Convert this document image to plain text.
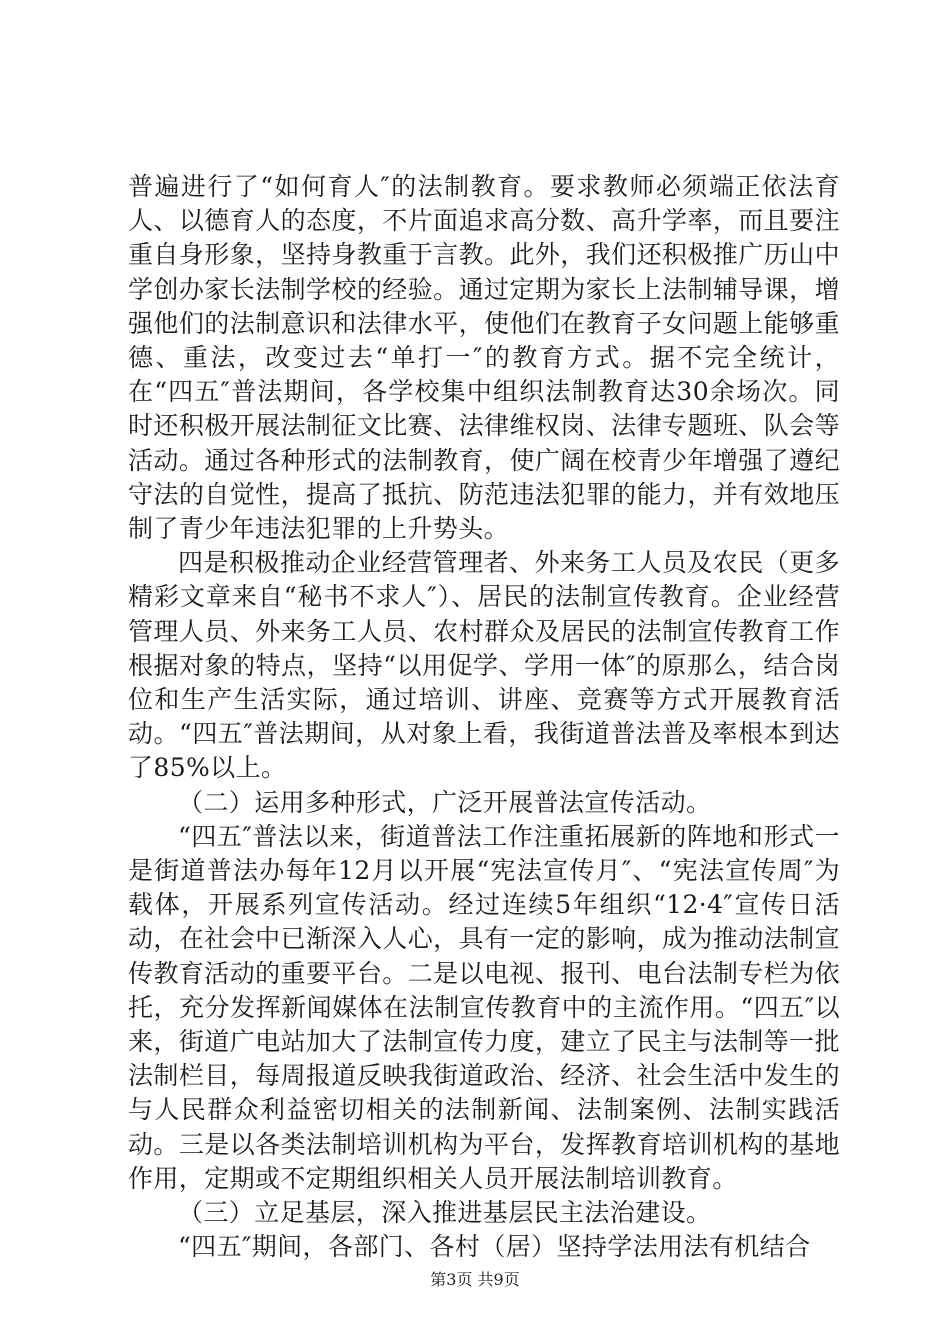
普遍进行了“如何育人″的法制教育。要求教师必须端正依法育人、以德育人的态度，不片面追求高分数、高升学率，而且要注重自身形象，坚持身教重于言教。此外，我们还积极推广历山中学创办家长法制学校的经验。通过定期为家长上法制辅导课，增强他们的法制意识和法律水平，使他们在教育子女问题上能够重德、重法，改变过去“单打一″的教育方式。据不完全统计，在“四五″普法期间，各学校集中组织法制教育达30余场次。同时还积极开展法制征文比赛、法律维权岗、法律专题班、队会等活动。通过各种形式的法制教育，使广阔在校青少年增强了遵纪守法的自觉性，提高了抵抗、防范违法犯罪的能力，并有效地压制了青少年违法犯罪的上升势头。

四是积极推动企业经营管理者、外来务工人员及农民（更多精彩文章来自“秘书不求人″）、居民的法制宣传教育。企业经营管理人员、外来务工人员、农村群众及居民的法制宣传教育工作根据对象的特点，坚持“以用促学、学用一体″的原那么，结合岗位和生产生活实际，通过培训、讲座、竞赛等方式开展教育活动。“四五″普法期间，从对象上看，我街道普法普及率根本到达了85%以上。

（二）运用多种形式，广泛开展普法宣传活动。

“四五″普法以来，街道普法工作注重拓展新的阵地和形式一是街道普法办每年12月以开展“宪法宣传月″、“宪法宣传周″为载体，开展系列宣传活动。经过连续5年组织“12·4″宣传日活动，在社会中已渐深入人心，具有一定的影响，成为推动法制宣传教育活动的重要平台。二是以电视、报刊、电台法制专栏为依托，充分发挥新闻媒体在法制宣传教育中的主流作用。“四五″以来，街道广电站加大了法制宣传力度，建立了民主与法制等一批法制栏目，每周报道反映我街道政治、经济、社会生活中发生的与人民群众利益密切相关的法制新闻、法制案例、法制实践活动。三是以各类法制培训机构为平台，发挥教育培训机构的基地作用，定期或不定期组织相关人员开展法制培训教育。

（三）立足基层，深入推进基层民主法治建设。

“四五″期间，各部门、各村（居）坚持学法用法有机结合

第3页 共9页
